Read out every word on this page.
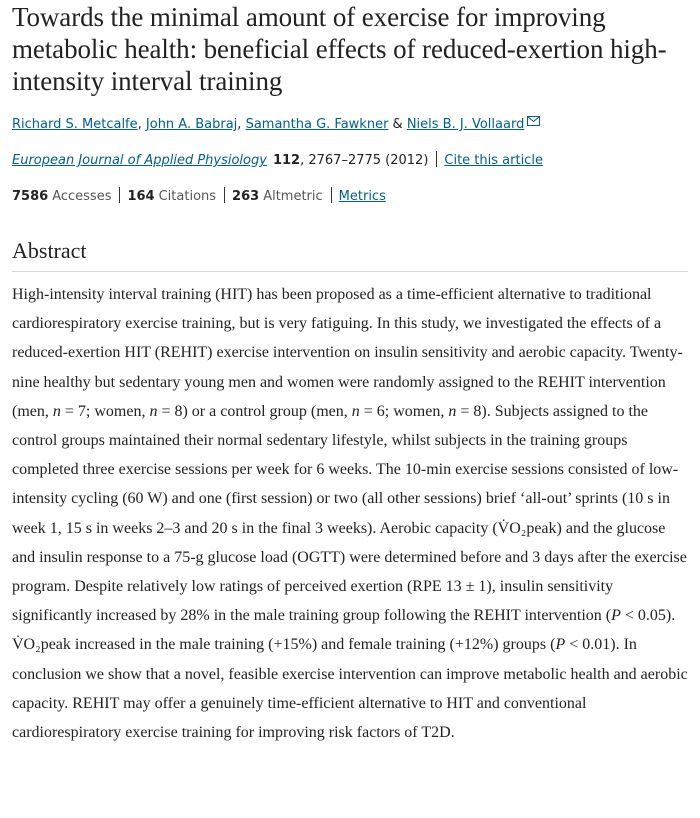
Towards the minimal amount of exercise for improving metabolic health: beneficial effects of reduced-exertion high-intensity interval training
Richard S. Metcalfe, John A. Babraj, Samantha G. Fawkner & Niels B. J. Vollaard
European Journal of Applied Physiology 112, 2767–2775 (2012) Cite this article
7586 Accesses 164 Citations 263 Altmetric Metrics
Abstract

High-intensity interval training (HIT) has been proposed as a time-efficient alternative to traditional cardiorespiratory exercise training, but is very fatiguing. In this study, we investigated the effects of a reduced-exertion HIT (REHIT) exercise intervention on insulin sensitivity and aerobic capacity. Twenty-nine healthy but sedentary young men and women were randomly assigned to the REHIT intervention (men, n = 7; women, n = 8) or a control group (men, n = 6; women, n = 8). Subjects assigned to the control groups maintained their normal sedentary lifestyle, whilst subjects in the training groups completed three exercise sessions per week for 6 weeks. The 10-min exercise sessions consisted of low-intensity cycling (60 W) and one (first session) or two (all other sessions) brief ‘all-out’ sprints (10 s in week 1, 15 s in weeks 2–3 and 20 s in the final 3 weeks). Aerobic capacity (V̇O₂peak) and the glucose and insulin response to a 75-g glucose load (OGTT) were determined before and 3 days after the exercise program. Despite relatively low ratings of perceived exertion (RPE 13 ± 1), insulin sensitivity significantly increased by 28% in the male training group following the REHIT intervention (P < 0.05). V̇O₂peak increased in the male training (+15%) and female training (+12%) groups (P < 0.01). In conclusion we show that a novel, feasible exercise intervention can improve metabolic health and aerobic capacity. REHIT may offer a genuinely time-efficient alternative to HIT and conventional cardiorespiratory exercise training for improving risk factors of T2D.
